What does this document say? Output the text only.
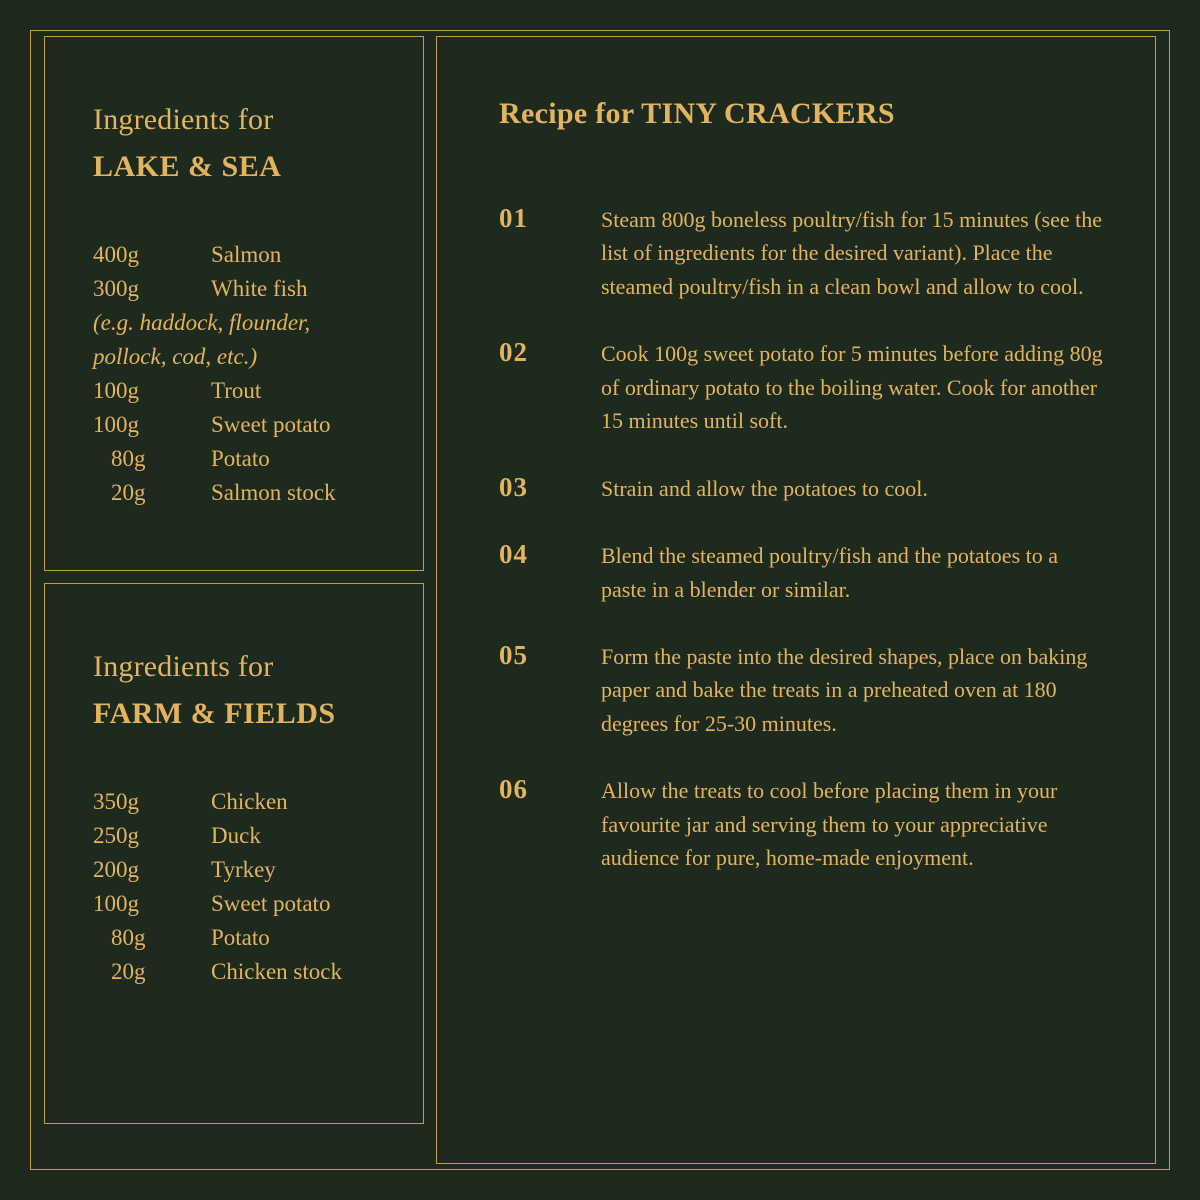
Ingredients for
LAKE & SEA
400g	Salmon
300g	White fish
(e.g. haddock, flounder, pollock, cod, etc.)
100g	Trout
100g	Sweet potato
80g	Potato
20g	Salmon stock
Ingredients for
FARM & FIELDS
350g	Chicken
250g	Duck
200g	Tyrkey
100g	Sweet potato
80g	Potato
20g	Chicken stock
Recipe for TINY CRACKERS
01	Steam 800g boneless poultry/fish for 15 minutes (see the list of ingredients for the desired variant). Place the steamed poultry/fish in a clean bowl and allow to cool.
02	Cook 100g sweet potato for 5 minutes before adding 80g of ordinary potato to the boiling water. Cook for another 15 minutes until soft.
03	Strain and allow the potatoes to cool.
04	Blend the steamed poultry/fish and the potatoes to a paste in a blender or similar.
05	Form the paste into the desired shapes, place on baking paper and bake the treats in a preheated oven at 180 degrees for 25-30 minutes.
06	Allow the treats to cool before placing them in your favourite jar and serving them to your appreciative audience for pure, home-made enjoyment.
